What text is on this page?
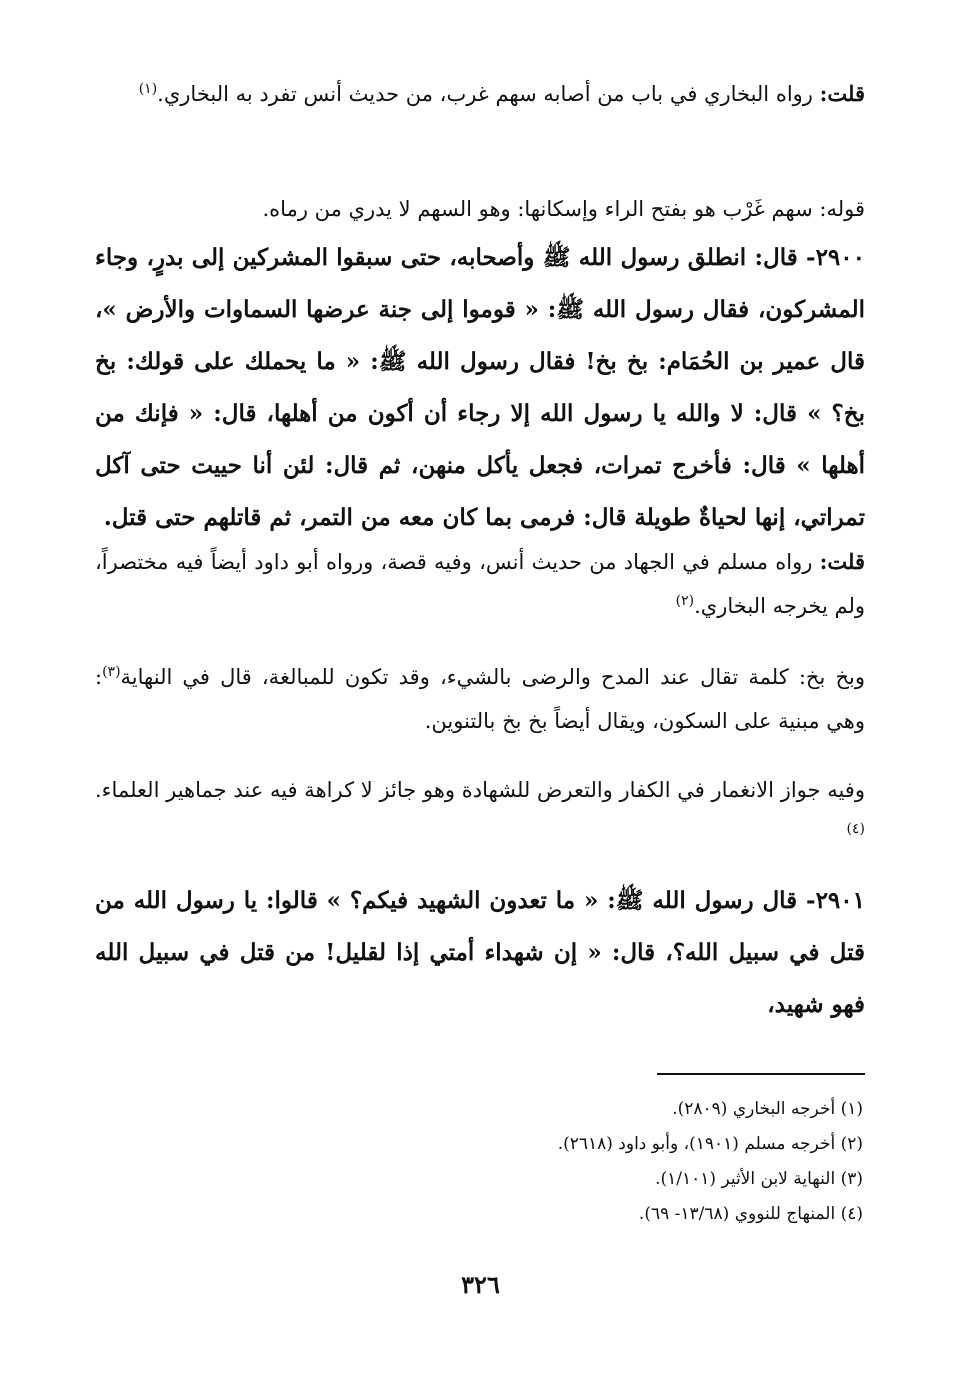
قلت: رواه البخاري في باب من أصابه سهم غرب، من حديث أنس تفرد به البخاري.$^{(١)}$

قوله: سهم غَرْب هو بفتح الراء وإسكانها: وهو السهم لا يدري من رماه.

٢٩٠٠- قال: انطلق رسول الله ﷺ وأصحابه، حتى سبقوا المشركين إلى بدرٍ، وجاء المشركون، فقال رسول الله ﷺ: « قوموا إلى جنة عرضها السماوات والأرض »، قال عمير بن الحُمَام: بخ بخ! فقال رسول الله ﷺ: « ما يحملك على قولك: بخ بخ؟ » قال: لا والله يا رسول الله إلا رجاء أن أكون من أهلها، قال: « فإنك من أهلها » قال: فأخرج تمرات، فجعل يأكل منهن، ثم قال: لئن أنا حييت حتى آكل تمراتي، إنها لحياةٌ طويلة قال: فرمى بما كان معه من التمر، ثم قاتلهم حتى قتل.

قلت: رواه مسلم في الجهاد من حديث أنس، وفيه قصة، ورواه أبو داود أيضاً فيه مختصراً، ولم يخرجه البخاري.$^{(٢)}$

وبخ بخ: كلمة تقال عند المدح والرضى بالشيء، وقد تكون للمبالغة، قال في النهاية$^{(٣)}$: وهي مبنية على السكون، ويقال أيضاً بخ بخ بالتنوين.

وفيه جواز الانغمار في الكفار والتعرض للشهادة وهو جائز لا كراهة فيه عند جماهير العلماء.$^{(٤)}$

٢٩٠١- قال رسول الله ﷺ: « ما تعدون الشهيد فيكم؟ » قالوا: يا رسول الله من قتل في سبيل الله؟، قال: « إن شهداء أمتي إذا لقليل! من قتل في سبيل الله فهو شهيد،

(١) أخرجه البخاري (٢٨٠٩).

(٢) أخرجه مسلم (١٩٠١)، وأبو داود (٢٦١٨).

(٣) النهاية لابن الأثير (١/١٠١).

(٤) المنهاج للنووي (١٣/٦٨- ٦٩).

٣٢٦
